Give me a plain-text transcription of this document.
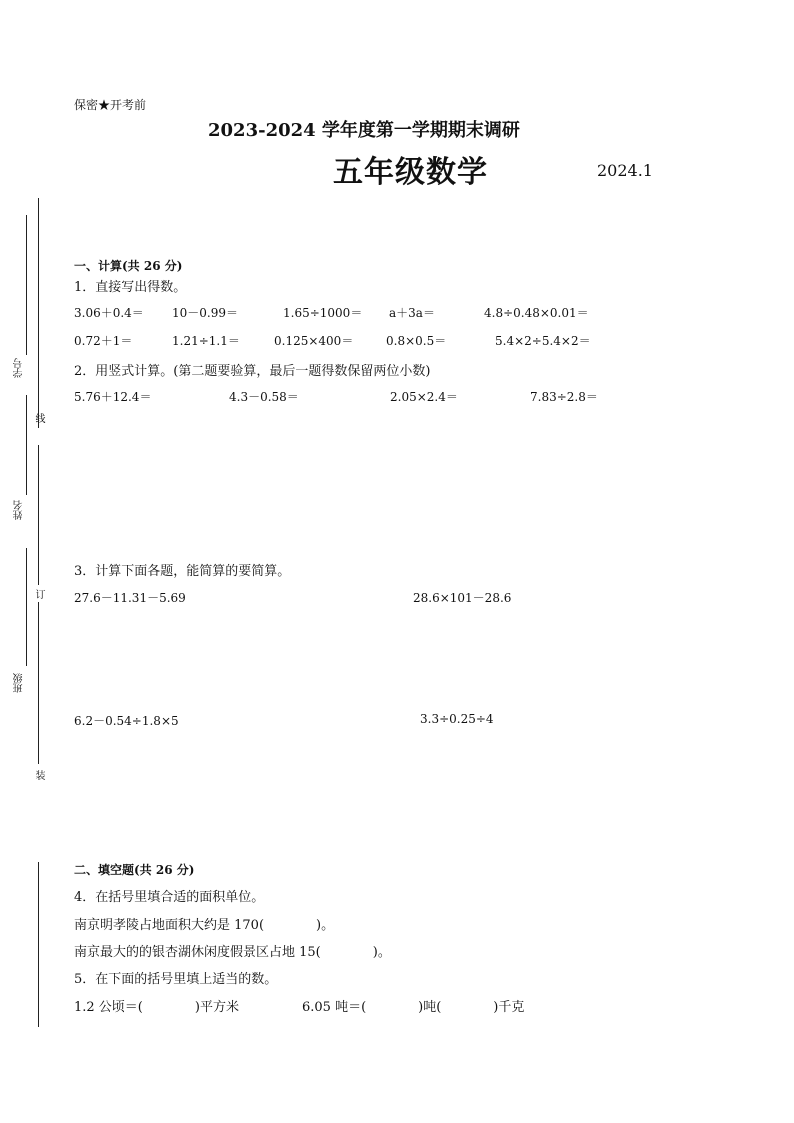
学号
姓名
班级
线
订
装
保密★开考前
2023-2024 学年度第一学期期末调研
五年级数学	2024.1
一、计算(共 26 分)
1．直接写出得数。
3.06＋0.4＝ 10－0.99＝	1.65÷1000＝ a＋3a＝	4.8÷0.48×0.01＝
0.72＋1＝	1.21÷1.1＝	0.125×400＝	0.8×0.5＝	5.4×2÷5.4×2＝
2．用竖式计算。(第二题要验算，最后一题得数保留两位小数)
5.76＋12.4＝	4.3－0.58＝	2.05×2.4＝	7.83÷2.8＝
3．计算下面各题，能简算的要简算。
27.6－11.31－5.69	28.6×101－28.6
6.2－0.54÷1.8×5	3.3÷0.25÷4
二、填空题(共 26 分)
4．在括号里填合适的面积单位。
南京明孝陵占地面积大约是 170(　　　　)。
南京最大的的银杏湖休闲度假景区占地 15(　　　　)。
5．在下面的括号里填上适当的数。
1.2 公顷＝(　　　　)平方米	6.05 吨＝(　　　　)吨(　　　　)千克
